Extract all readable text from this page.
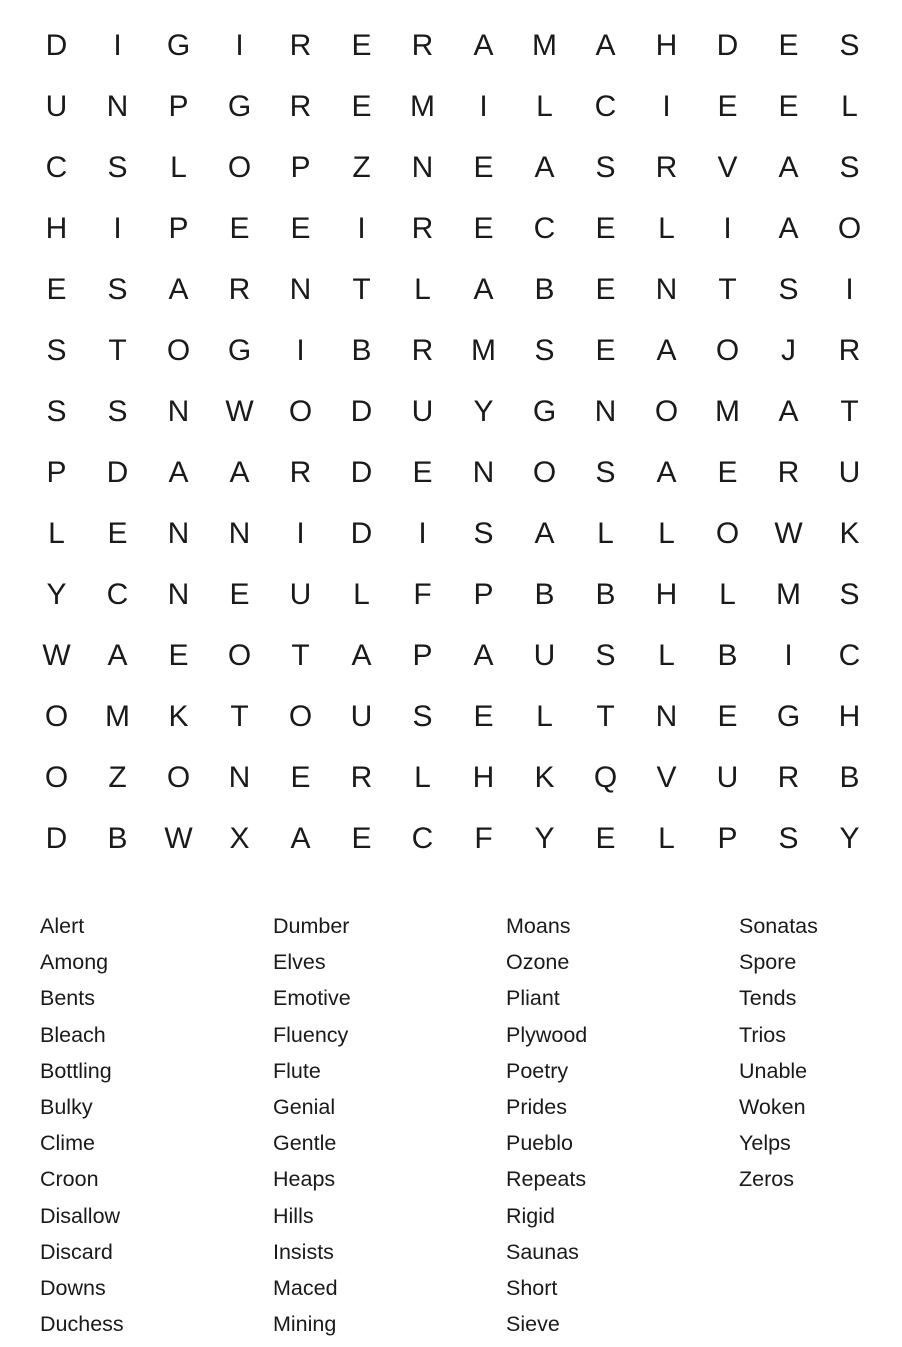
D	I	G	I	R	E	R	A	M	A	H	D	E	S
U	N	P	G	R	E	M	I	L	C	I	E	E	L
C	S	L	O	P	Z	N	E	A	S	R	V	A	S
H	I	P	E	E	I	R	E	C	E	L	I	A	O
E	S	A	R	N	T	L	A	B	E	N	T	S	I
S	T	O	G	I	B	R	M	S	E	A	O	J	R
S	S	N	W	O	D	U	Y	G	N	O	M	A	T
P	D	A	A	R	D	E	N	O	S	A	E	R	U
L	E	N	N	I	D	I	S	A	L	L	O	W	K
Y	C	N	E	U	L	F	P	B	B	H	L	M	S
W	A	E	O	T	A	P	A	U	S	L	B	I	C
O	M	K	T	O	U	S	E	L	T	N	E	G	H
O	Z	O	N	E	R	L	H	K	Q	V	U	R	B
D	B	W	X	A	E	C	F	Y	E	L	P	S	Y
Alert
Among
Bents
Bleach
Bottling
Bulky
Clime
Croon
Disallow
Discard
Downs
Duchess
Dumber
Elves
Emotive
Fluency
Flute
Genial
Gentle
Heaps
Hills
Insists
Maced
Mining
Moans
Ozone
Pliant
Plywood
Poetry
Prides
Pueblo
Repeats
Rigid
Saunas
Short
Sieve
Sonatas
Spore
Tends
Trios
Unable
Woken
Yelps
Zeros
